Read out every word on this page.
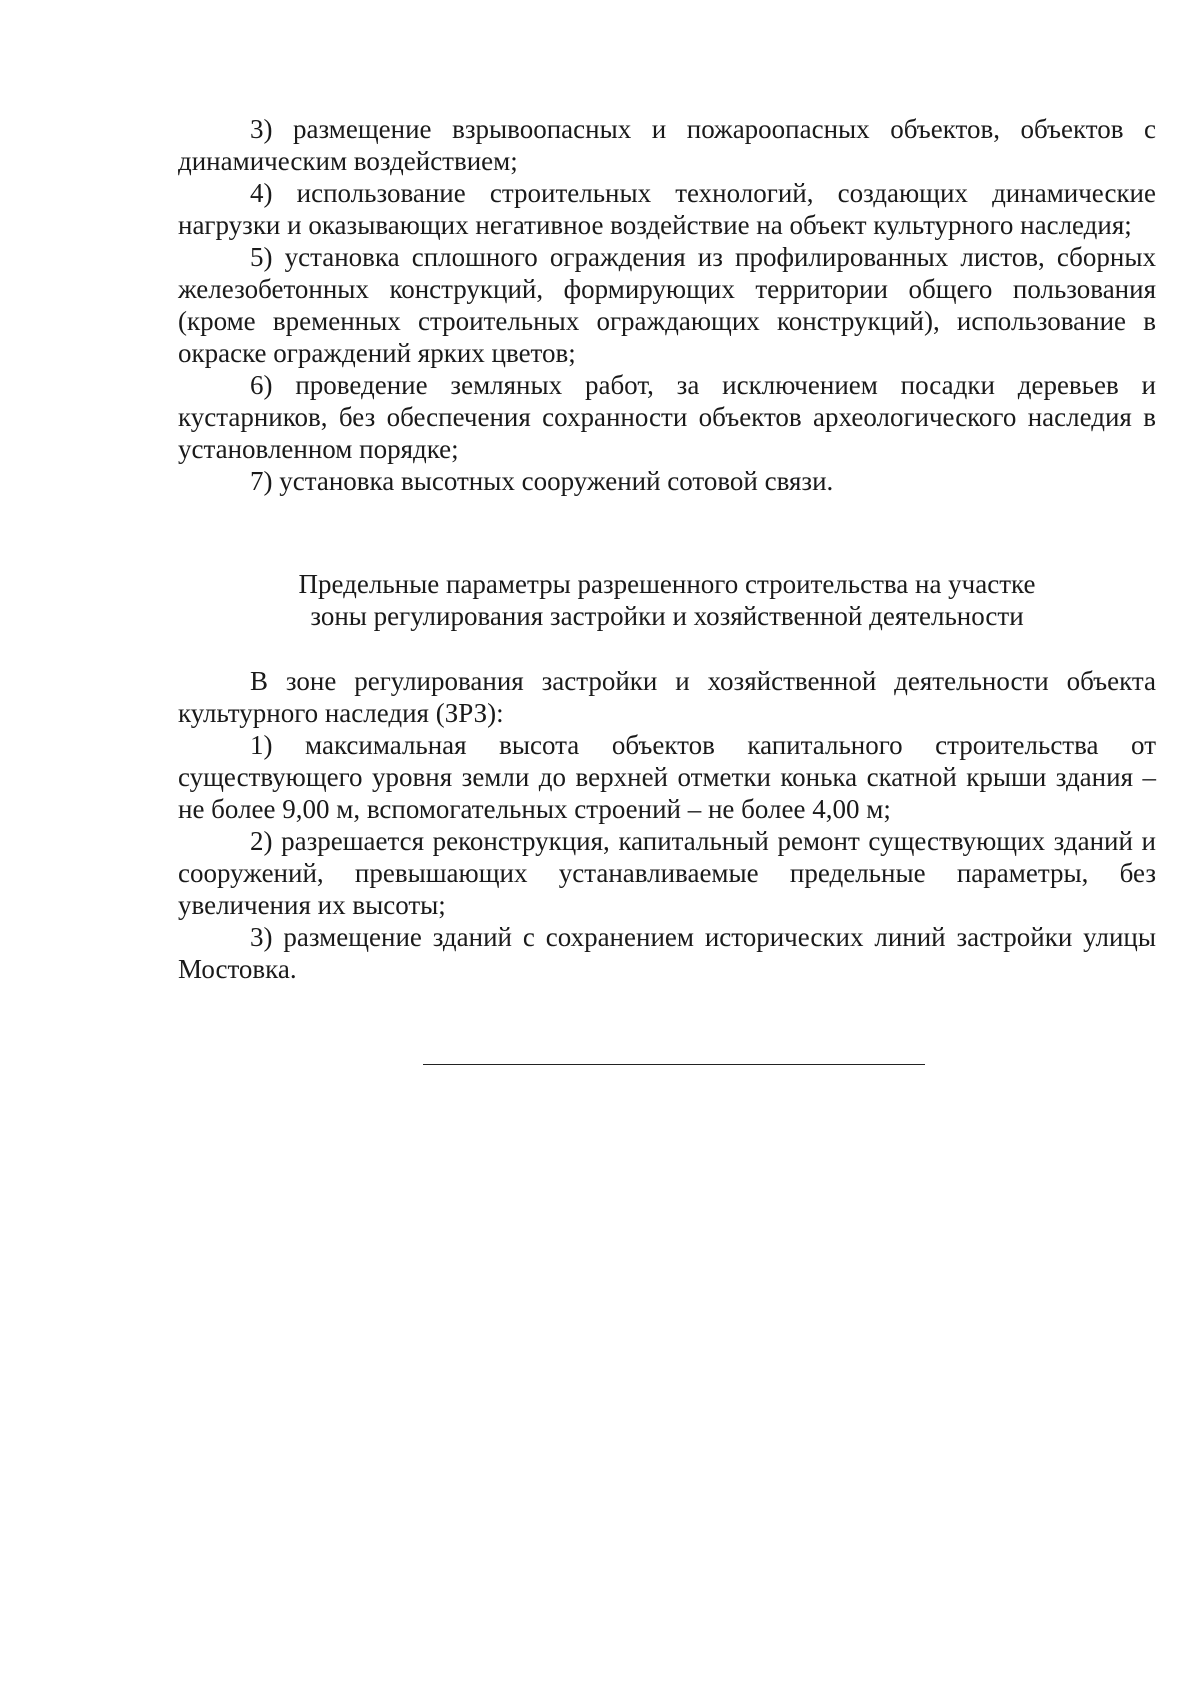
3) размещение взрывоопасных и пожароопасных объектов, объектов с динамическим воздействием;

4) использование строительных технологий, создающих динамические нагрузки и оказывающих негативное воздействие на объект культурного наследия;

5) установка сплошного ограждения из профилированных листов, сборных железобетонных конструкций, формирующих территории общего пользования (кроме временных строительных ограждающих конструкций), использование в окраске ограждений ярких цветов;

6) проведение земляных работ, за исключением посадки деревьев и кустарников, без обеспечения сохранности объектов археологического наследия в установленном порядке;

7) установка высотных сооружений сотовой связи.

Предельные параметры разрешенного строительства на участке
зоны регулирования застройки и хозяйственной деятельности

В зоне регулирования застройки и хозяйственной деятельности объекта культурного наследия (ЗРЗ):

1) максимальная высота объектов капитального строительства от существующего уровня земли до верхней отметки конька скатной крыши здания – не более 9,00 м, вспомогательных строений – не более 4,00 м;

2) разрешается реконструкция, капитальный ремонт существующих зданий и сооружений, превышающих устанавливаемые предельные параметры, без увеличения их высоты;

3) размещение зданий с сохранением исторических линий застройки улицы Мостовка.
